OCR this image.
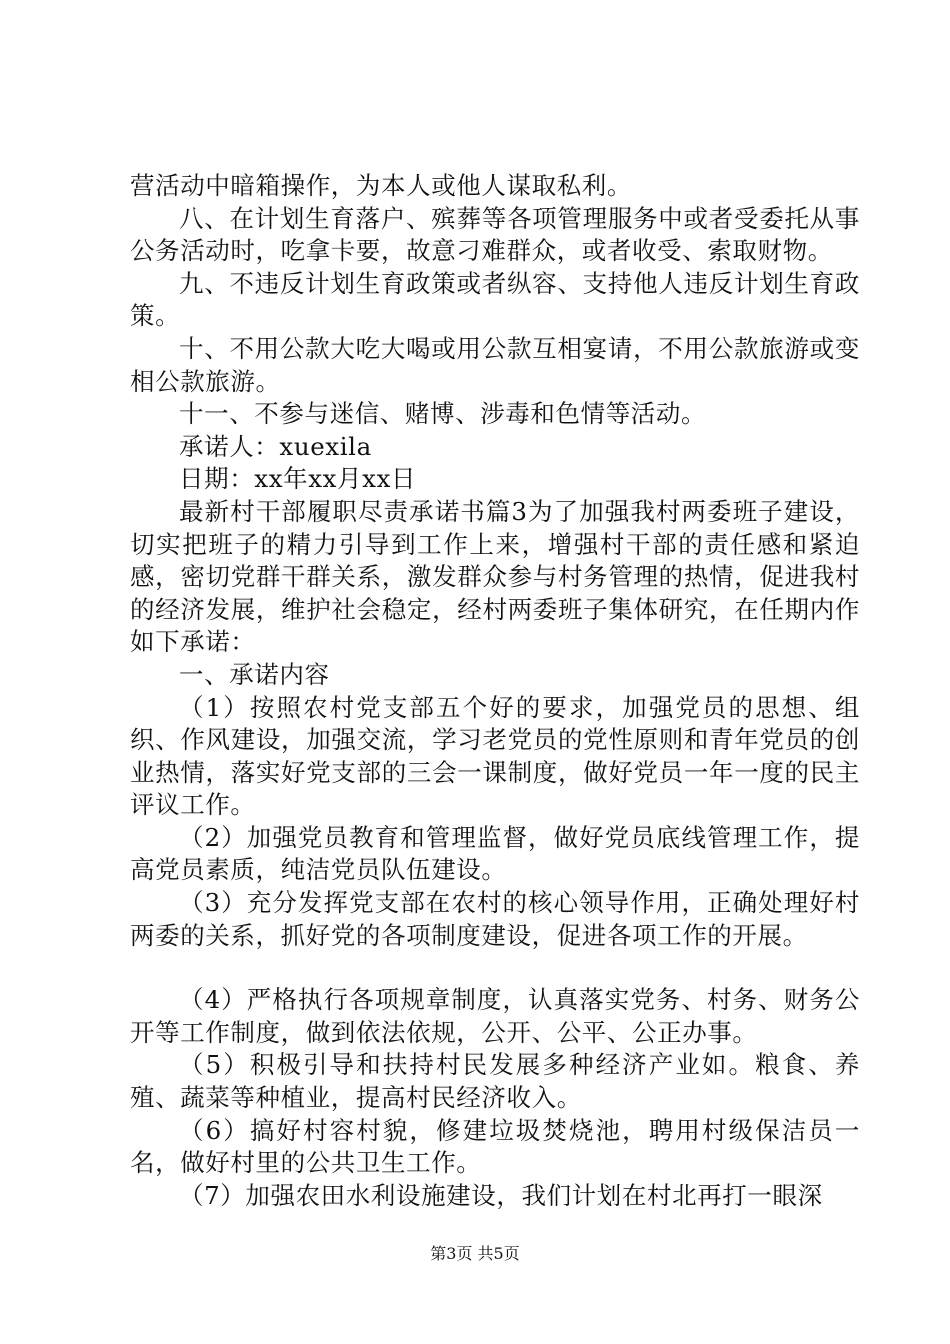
营活动中暗箱操作，为本人或他人谋取私利。

八、在计划生育落户、殡葬等各项管理服务中或者受委托从事公务活动时，吃拿卡要，故意刁难群众，或者收受、索取财物。

九、不违反计划生育政策或者纵容、支持他人违反计划生育政策。

十、不用公款大吃大喝或用公款互相宴请，不用公款旅游或变相公款旅游。

十一、不参与迷信、赌博、涉毒和色情等活动。

承诺人：xuexila

日期：xx年xx月xx日

最新村干部履职尽责承诺书篇3为了加强我村两委班子建设，切实把班子的精力引导到工作上来，增强村干部的责任感和紧迫感，密切党群干群关系，激发群众参与村务管理的热情，促进我村的经济发展，维护社会稳定，经村两委班子集体研究，在任期内作如下承诺：

一、承诺内容

（1）按照农村党支部五个好的要求，加强党员的思想、组织、作风建设，加强交流，学习老党员的党性原则和青年党员的创业热情，落实好党支部的三会一课制度，做好党员一年一度的民主评议工作。

（2）加强党员教育和管理监督，做好党员底线管理工作，提高党员素质，纯洁党员队伍建设。

（3）充分发挥党支部在农村的核心领导作用，正确处理好村两委的关系，抓好党的各项制度建设，促进各项工作的开展。

（4）严格执行各项规章制度，认真落实党务、村务、财务公开等工作制度，做到依法依规，公开、公平、公正办事。

（5）积极引导和扶持村民发展多种经济产业如。粮食、养殖、蔬菜等种植业，提高村民经济收入。

（6）搞好村容村貌，修建垃圾焚烧池，聘用村级保洁员一名，做好村里的公共卫生工作。

（7）加强农田水利设施建设，我们计划在村北再打一眼深

第3页 共5页
